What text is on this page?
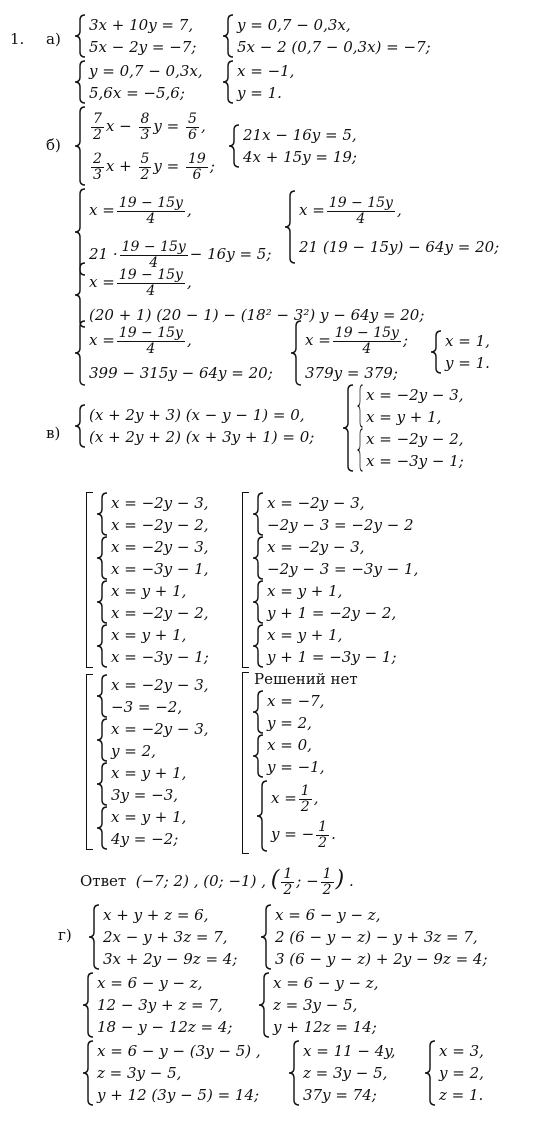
1. а)
3x + 10y = 7,
5x − 2y = −7;
y = 0,7 − 0,3x,
5x − 2 (0,7 − 0,3x) = −7;
y = 0,7 − 0,3x,
5,6x = −5,6;
x = −1,
y = 1.
б)
$\frac{7}{2}$ $x - \frac{8}{3}$ $y = \frac{5}{6}$ ,
$\frac{2}{3}$ $x + \frac{5}{2}$ $y = \frac{19}{6}$ ;
21x − 16y = 5,
4x + 15y = 19;
$x = \frac{19 - 15y}{4}$ ,
$21 \cdot \frac{19 - 15y}{4} - 16y = 5$;
$x = \frac{19 - 15y}{4}$ ,
21 (19 − 15y) − 64y = 20;
$x = \frac{19 - 15y}{4}$ ,
(20 + 1) (20 − 1) − (18² − 3²) y − 64y = 20;
$x = \frac{19 - 15y}{4}$ ,
399 − 315y − 64y = 20;
$x = \frac{19 - 15y}{4}$ ;
379y = 379;
x = 1,
y = 1.
в)
(x + 2y + 3) (x − y − 1) = 0,
(x + 2y + 2) (x + 3y + 1) = 0;
x = −2y − 3,
x = y + 1,
x = −2y − 2,
x = −3y − 1;
x = −2y − 3,
x = −2y − 2,
x = −2y − 3,
x = −3y − 1,
x = y + 1,
x = −2y − 2,
x = y + 1,
x = −3y − 1;
x = −2y − 3,
−2y − 3 = −2y − 2
x = −2y − 3,
−2y − 3 = −3y − 1,
x = y + 1,
y + 1 = −2y − 2,
x = y + 1,
y + 1 = −3y − 1;
x = −2y − 3,
−3 = −2,
x = −2y − 3,
y = 2,
x = y + 1,
3y = −3,
x = y + 1,
4y = −2;
Решений нет
x = −7,
y = 2,
x = 0,
y = −1,
$x = \frac{1}{2}$ ,
y = − $\frac{1}{2}$ .
Ответ (−7; 2) , (0; −1) , ( $\frac{1}{2}$ ; − $\frac{1}{2}$ ) .
г)
x + y + z = 6,
2x − y + 3z = 7,
3x + 2y − 9z = 4;
x = 6 − y − z,
2 (6 − y − z) − y + 3z = 7,
3 (6 − y − z) + 2y − 9z = 4;
x = 6 − y − z,
12 − 3y + z = 7,
18 − y − 12z = 4;
x = 6 − y − z,
z = 3y − 5,
y + 12z = 14;
x = 6 − y − (3y − 5) ,
z = 3y − 5,
y + 12 (3y − 5) = 14;
x = 11 − 4y,
z = 3y − 5,
37y = 74;
x = 3,
y = 2,
z = 1.
